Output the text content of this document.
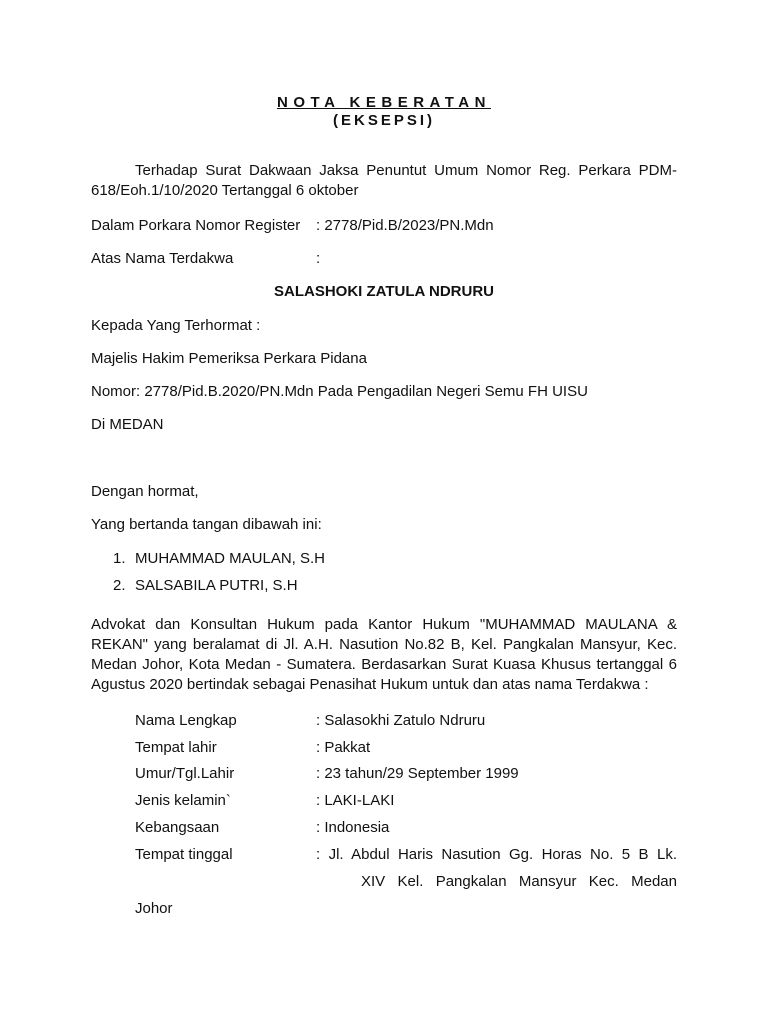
NOTA KEBERATAN
(EKSEPSI)
Terhadap Surat Dakwaan Jaksa Penuntut Umum Nomor Reg. Perkara PDM-618/Eoh.1/10/2020 Tertanggal 6 oktober
Dalam Porkara Nomor Register : 2778/Pid.B/2023/PN.Mdn
Atas Nama Terdakwa	:
SALASHOKI ZATULA NDRURU
Kepada Yang Terhormat :
Majelis Hakim Pemeriksa Perkara Pidana
Nomor: 2778/Pid.B.2020/PN.Mdn Pada Pengadilan Negeri Semu FH UISU
Di MEDAN
Dengan hormat,
Yang bertanda tangan dibawah ini:
1. MUHAMMAD MAULAN, S.H
2. SALSABILA PUTRI, S.H
Advokat dan Konsultan Hukum pada Kantor Hukum "MUHAMMAD MAULANA & REKAN" yang beralamat di Jl. A.H. Nasution No.82 B, Kel. Pangkalan Mansyur, Kec. Medan Johor, Kota Medan - Sumatera. Berdasarkan Surat Kuasa Khusus tertanggal 6 Agustus 2020 bertindak sebagai Penasihat Hukum untuk dan atas nama Terdakwa :
Nama Lengkap	: Salasokhi Zatulo Ndruru
Tempat lahir	: Pakkat
Umur/Tgl.Lahir	: 23 tahun/29 September 1999
Jenis kelamin`	: LAKI-LAKI
Kebangsaan	: Indonesia
Tempat tinggal	: Jl. Abdul Haris Nasution Gg. Horas No. 5 B Lk.
XIV Kel. Pangkalan Mansyur Kec. Medan
Johor
